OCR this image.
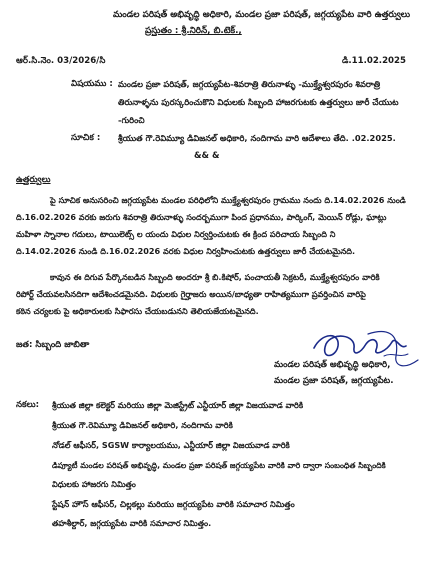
మండల పరిషత్ అభివృద్ధి అధికారి, మండల ప్రజా పరిషత్, జగ్గయ్యపేట వారి ఉత్తర్వులు
ప్రస్తుతం : శ్రీ.నిరిన్, బి.టెక్.,
ఆర్.సి.నెం. 03/2026/సి	డి.11.02.2025
విషయము : మండల ప్రజా పరిషత్, జగ్గయ్యపేట-శివరాత్రి తిరునాళ్ళు -ముక్త్యేశ్వరపురం శివరాత్రి
తిరునాళ్ళను పురస్కరించుకొని విధులకు సిబ్బంది హాజరగుటకు ఉత్తర్వులు జారీ చేయుట
-గురించి
సూచిక : శ్రీయుత గౌ.రెవిమ్యూ డివిజనల్ అధికారి, నందిగామ వారి ఆదేశాలు తేది. .02.2025.
&& &
ఉత్తర్వులు
పై సూచిక అనుసరించి జగ్గయ్యపేట మండల పరిధిలోని ముక్త్యేశ్వరపురం గ్రామము నందు ది.14.02.2026 నుండి
ది.16.02.2026 వరకు జరుగు శివరాత్రి తిరునాళ్ళు సందర్బముగా పింద ప్రధానము, పార్కింగ్, మెయిన్ రోడ్లు, ఘాట్లు
మహిళా స్నానాల గదులు, టాయిలెట్స్ ల యందు విధుల నిర్వర్తించుటకు ఈ క్రింద పరిచాయ సిబ్బంది ని
ది.14.02.2026 నుండి ది.16.02.2026 వరకు విధుల నిర్వహించుటకు ఉత్తర్వులు జారీ చేయటమైనది.
కావున ఈ దిగువ పేర్కొనబడిన సిబ్బంది అందరూ శ్రీ బి.కిషోర్, పంచాయతీ సెక్రటరీ, ముక్త్యేశ్వరపురం వారికి
రిపోర్ట్ చేయవలసినదిగా ఆదేశించడమైనది. విధులకు గైర్హాజరు అయిన/బాధ్యతా రాహిత్యముగా ప్రవర్తించిన వారిపై
కఠిన చర్యలకు పై అధికారులకు సిఫారసు చేయబడునని తెలియజేయటమైనది.
జత: సిబ్బంది జాబితా
మండల పరిషత్ అభివృద్ధి అధికారి,
మండల ప్రజా పరిషత్, జగ్గయ్యపేట.
నకలు: శ్రీయుత జిల్లా కలెక్టర్ మరియు జిల్లా మెజిస్ట్రేట్ ఎన్టీయార్ జిల్లా విజయవాడ వారికి
శ్రీయుత గౌ.రెవిమ్యూ డివిజనల్ అధికారి, నందిగామ వారికి
నోడల్ ఆఫీసర్, SGSW కార్యాలయము, ఎన్టీయార్ జిల్లా విజయవాడ వారికి
డిప్యూటీ మండల పరిషత్ అభివృద్ధి, మండల ప్రజా పరిషత్ జగ్గయ్యపేట వారికి వారి ద్వారా సంబంధిత సిబ్బందికి
విధులకు హాజరగు నిమిత్తం
స్టేషన్ హౌస్ ఆఫీసర్, చిల్లకల్లు మరియు జగ్గయ్యపేట వారికి సమాచార నిమిత్తం
తహశీల్దార్, జగ్గయ్యపేట వారికి సమాచార నిమిత్తం.
